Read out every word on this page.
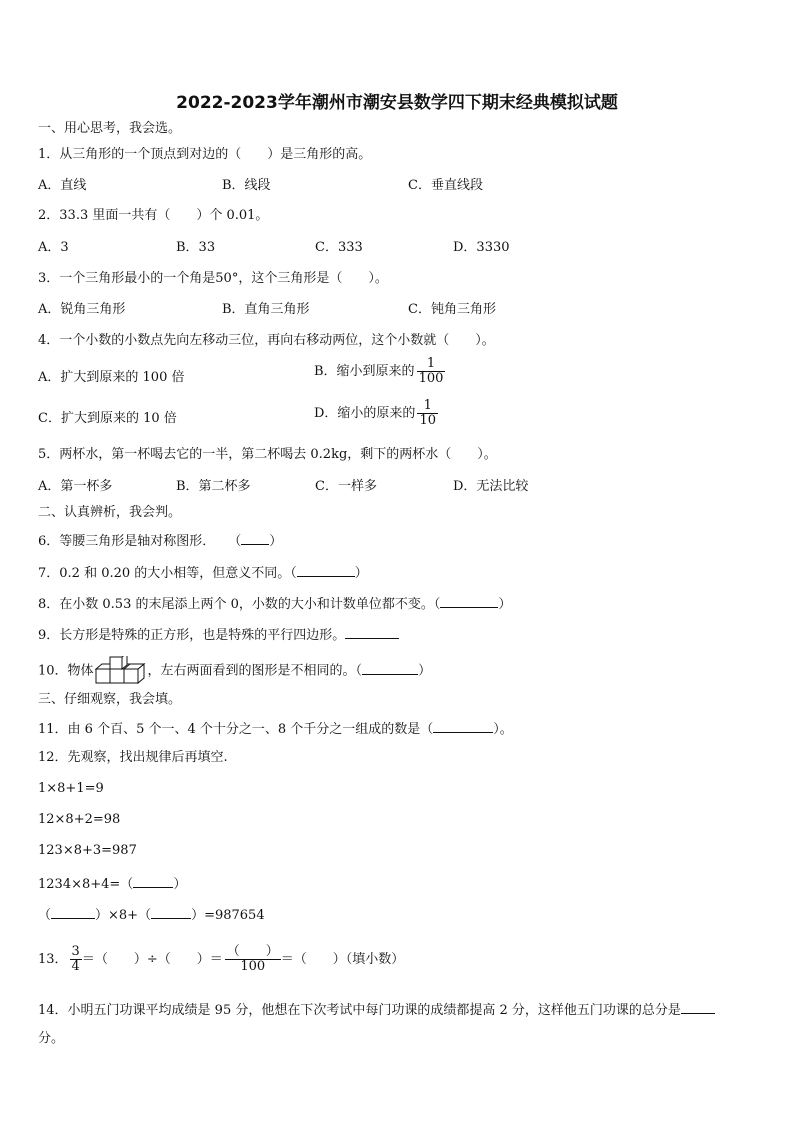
2022-2023学年潮州市潮安县数学四下期末经典模拟试题
一、用心思考，我会选。
1．从三角形的一个顶点到对边的（　　）是三角形的高。
A．直线	B．线段	C．垂直线段
2．33.3 里面一共有（　　）个 0.01。
A．3	B．33	C．333	D．3330
3．一个三角形最小的一个角是50°，这个三角形是（　　）。
A．锐角三角形	B．直角三角形	C．钝角三角形
4．一个小数的小数点先向左移动三位，再向右移动两位，这个小数就（　　）。
A．扩大到原来的 100 倍	B．缩小到原来的 $\frac{1}{100}$
C．扩大到原来的 10 倍	D．缩小的原来的 $\frac{1}{10}$
5．两杯水，第一杯喝去它的一半，第二杯喝去 0.2kg，剩下的两杯水（　　）。
A．第一杯多	B．第二杯多	C．一样多	D．无法比较
二、认真辨析，我会判。
6．等腰三角形是轴对称图形．　　（ ）
7．0.2 和 0.20 的大小相等，但意义不同。（	）
8．在小数 0.53 的末尾添上两个 0，小数的大小和计数单位都不变。（	）
9．长方形是特殊的正方形，也是特殊的平行四边形。
10．物体	，左右两面看到的图形是不相同的。（	）
三、仔细观察，我会填。
11．由 6 个百、5 个一、4 个十分之一、8 个千分之一组成的数是（	）。
12．先观察，找出规律后再填空.
1×8+1=9
12×8+2=98
123×8+3=987
1234×8+4=（	）
（	）×8+（	）=987654
13． $\frac{3}{4}$ ＝（　　）÷（　　）＝ $\frac{( )}{100}$ ＝（　　）（填小数）
14．小明五门功课平均成绩是 95 分，他想在下次考试中每门功课的成绩都提高 2 分，这样他五门功课的总分是
分。
